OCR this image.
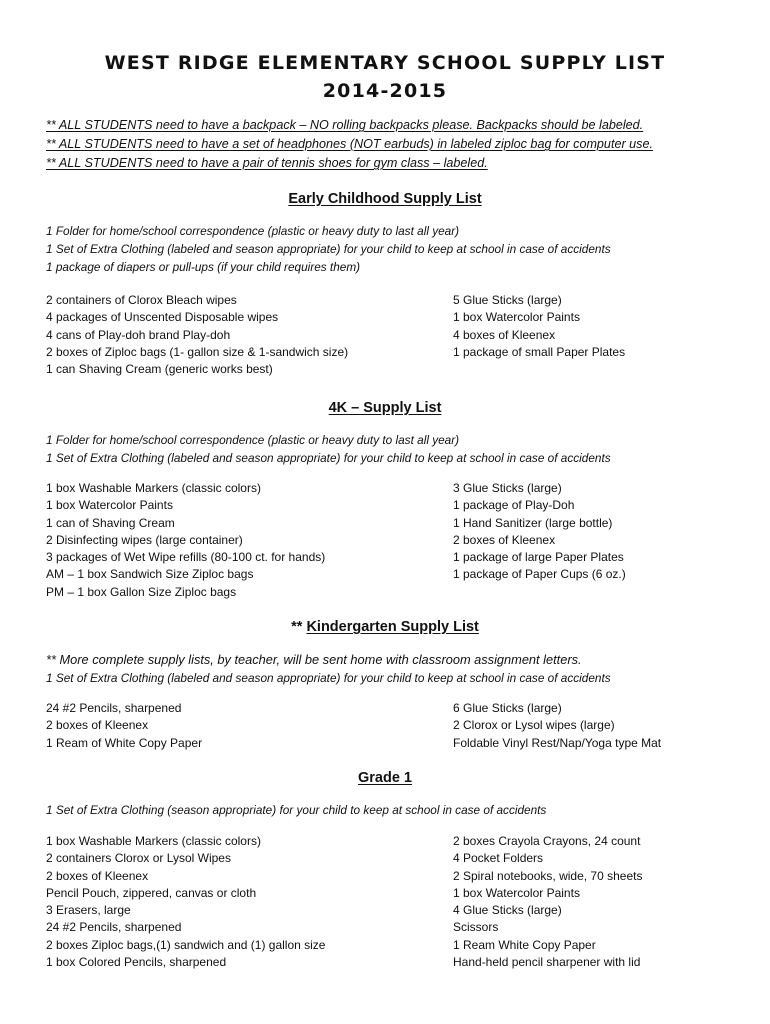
WEST RIDGE ELEMENTARY SCHOOL SUPPLY LIST
2014-2015
** ALL STUDENTS need to have a backpack – NO rolling backpacks please. Backpacks should be labeled.
** ALL STUDENTS need to have a set of headphones (NOT earbuds) in labeled ziploc bag for computer use.
** ALL STUDENTS need to have a pair of tennis shoes for gym class – labeled.
Early Childhood Supply List
1 Folder for home/school correspondence (plastic or heavy duty to last all year)
1 Set of Extra Clothing (labeled and season appropriate) for your child to keep at school in case of accidents
1 package of diapers or pull-ups (if your child requires them)
2 containers of Clorox Bleach wipes
4 packages of Unscented Disposable wipes
4 cans of Play-doh brand Play-doh
2 boxes of Ziploc bags (1- gallon size & 1-sandwich size)
1 can Shaving Cream (generic works best)
5 Glue Sticks (large)
1 box Watercolor Paints
4 boxes of Kleenex
1 package of small Paper Plates
4K – Supply List
1 Folder for home/school correspondence (plastic or heavy duty to last all year)
1 Set of Extra Clothing (labeled and season appropriate) for your child to keep at school in case of accidents
1 box Washable Markers (classic colors)
1 box Watercolor Paints
1 can of Shaving Cream
2 Disinfecting wipes (large container)
3 packages of Wet Wipe refills (80-100 ct. for hands)
AM – 1 box Sandwich Size Ziploc bags
PM – 1 box Gallon Size Ziploc bags
3 Glue Sticks (large)
1 package of Play-Doh
1 Hand Sanitizer (large bottle)
2 boxes of Kleenex
1 package of large Paper Plates
1 package of Paper Cups (6 oz.)
** Kindergarten Supply List
** More complete supply lists, by teacher, will be sent home with classroom assignment letters.
1 Set of Extra Clothing (labeled and season appropriate) for your child to keep at school in case of accidents
24 #2 Pencils, sharpened
2 boxes of Kleenex
1 Ream of White Copy Paper
6 Glue Sticks (large)
2 Clorox or Lysol wipes (large)
Foldable Vinyl Rest/Nap/Yoga type Mat
Grade 1
1 Set of Extra Clothing (season appropriate) for your child to keep at school in case of accidents
1 box Washable Markers (classic colors)
2 containers Clorox or Lysol Wipes
2 boxes of Kleenex
Pencil Pouch, zippered, canvas or cloth
3 Erasers, large
24 #2 Pencils, sharpened
2 boxes Ziploc bags,(1) sandwich and (1) gallon size
1 box Colored Pencils, sharpened
2 boxes Crayola Crayons, 24 count
4 Pocket Folders
2 Spiral notebooks, wide, 70 sheets
1 box Watercolor Paints
4 Glue Sticks (large)
Scissors
1 Ream White Copy Paper
Hand-held pencil sharpener with lid
